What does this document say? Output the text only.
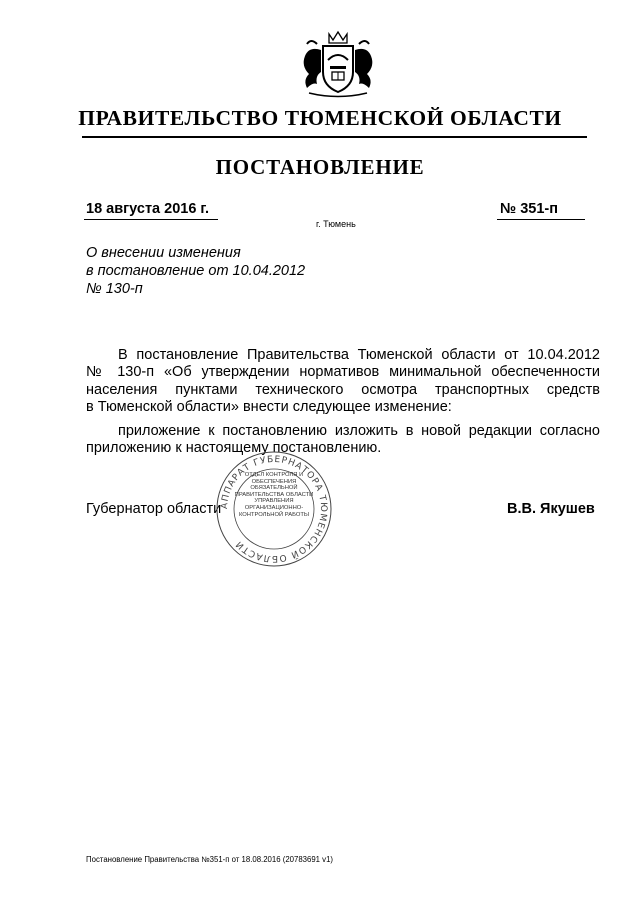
ПРАВИТЕЛЬСТВО ТЮМЕНСКОЙ ОБЛАСТИ
ПОСТАНОВЛЕНИЕ
18 августа 2016 г.	№ 351-п
г. Тюмень
О внесении изменения
в постановление от 10.04.2012
№ 130-п
В постановление Правительства Тюменской области от 10.04.2012
№ 130-п «Об утверждении нормативов минимальной обеспеченности
населения пунктами технического осмотра транспортных средств
в Тюменской области» внести следующее изменение:
приложение к постановлению изложить в новой редакции согласно
приложению к настоящему постановлению.
Губернатор области	В.В. Якушев
АППАРАТ ГУБЕРНАТОРА ТЮМЕНСКОЙ ОБЛАСТИ
ОТДЕЛ КОНТРОЛЯ И ОБЕСПЕЧЕНИЯ ОБЯЗАТЕЛЬНОЙ ПРАВИТЕЛЬСТВА ОБЛАСТИ УПРАВЛЕНИЯ ОРГАНИЗАЦИОННО-КОНТРОЛЬНОЙ РАБОТЫ
Постановление Правительства №351-п от 18.08.2016 (20783691 v1)
